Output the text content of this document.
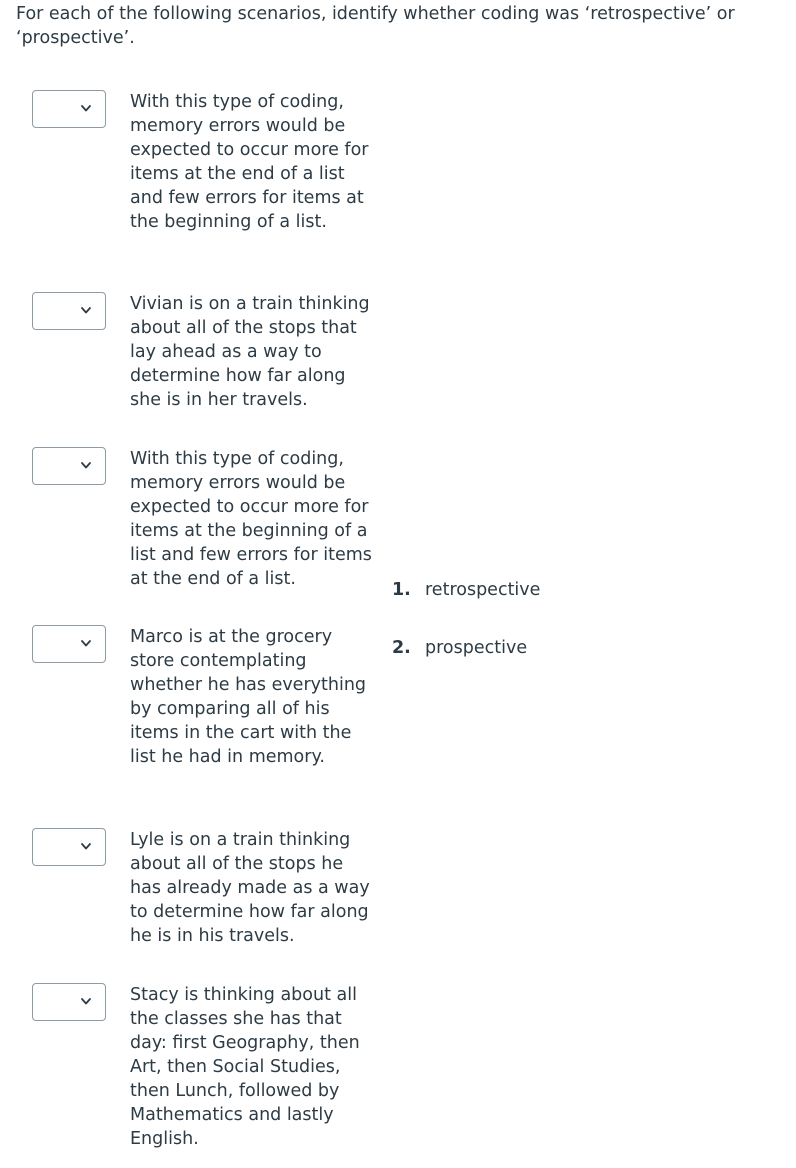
For each of the following scenarios, identify whether coding was ‘retrospective’ or ‘prospective’.

With this type of coding, memory errors would be expected to occur more for items at the end of a list and few errors for items at the beginning of a list.

Vivian is on a train thinking about all of the stops that lay ahead as a way to determine how far along she is in her travels.

With this type of coding, memory errors would be expected to occur more for items at the beginning of a list and few errors for items at the end of a list.

Marco is at the grocery store contemplating whether he has everything by comparing all of his items in the cart with the list he had in memory.

Lyle is on a train thinking about all of the stops he has already made as a way to determine how far along he is in his travels.

Stacy is thinking about all the classes she has that day: first Geography, then Art, then Social Studies, then Lunch, followed by Mathematics and lastly English.

1. retrospective
2. prospective
